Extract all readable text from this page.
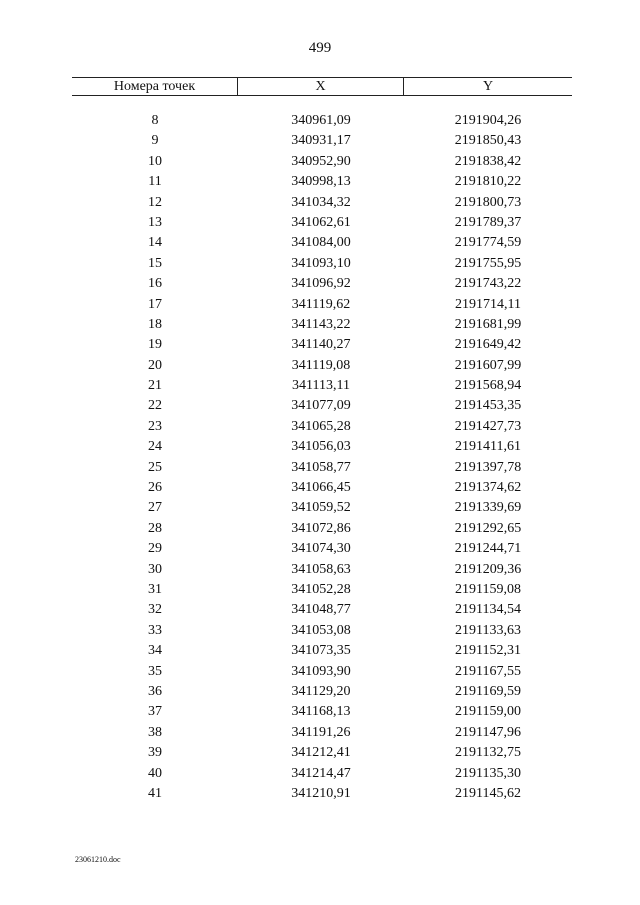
499
Номера точек	X	Y
8	340961,09	2191904,26
9	340931,17	2191850,43
10	340952,90	2191838,42
11	340998,13	2191810,22
12	341034,32	2191800,73
13	341062,61	2191789,37
14	341084,00	2191774,59
15	341093,10	2191755,95
16	341096,92	2191743,22
17	341119,62	2191714,11
18	341143,22	2191681,99
19	341140,27	2191649,42
20	341119,08	2191607,99
21	341113,11	2191568,94
22	341077,09	2191453,35
23	341065,28	2191427,73
24	341056,03	2191411,61
25	341058,77	2191397,78
26	341066,45	2191374,62
27	341059,52	2191339,69
28	341072,86	2191292,65
29	341074,30	2191244,71
30	341058,63	2191209,36
31	341052,28	2191159,08
32	341048,77	2191134,54
33	341053,08	2191133,63
34	341073,35	2191152,31
35	341093,90	2191167,55
36	341129,20	2191169,59
37	341168,13	2191159,00
38	341191,26	2191147,96
39	341212,41	2191132,75
40	341214,47	2191135,30
41	341210,91	2191145,62
23061210.doc
